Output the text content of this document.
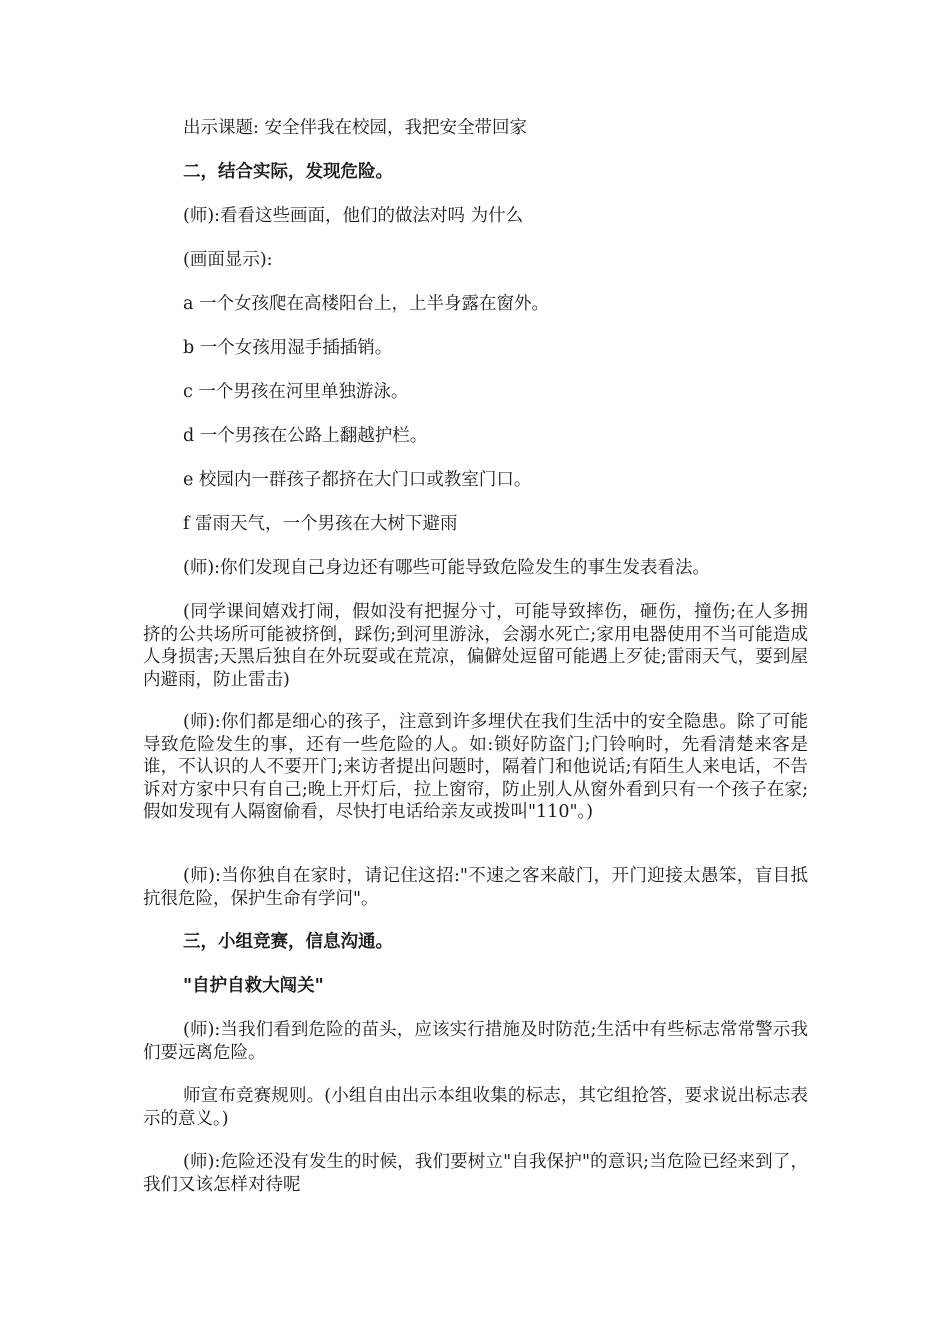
出示课题: 安全伴我在校园，我把安全带回家
二，结合实际，发现危险。
(师):看看这些画面，他们的做法对吗 为什么
(画面显示):
a 一个女孩爬在高楼阳台上，上半身露在窗外。
b 一个女孩用湿手插插销。
c 一个男孩在河里单独游泳。
d 一个男孩在公路上翻越护栏。
e 校园内一群孩子都挤在大门口或教室门口。
f 雷雨天气，一个男孩在大树下避雨
(师):你们发现自己身边还有哪些可能导致危险发生的事生发表看法。
(同学课间嬉戏打闹，假如没有把握分寸，可能导致摔伤，砸伤，撞伤;在人多拥挤的公共场所可能被挤倒，踩伤;到河里游泳，会溺水死亡;家用电器使用不当可能造成人身损害;天黑后独自在外玩耍或在荒凉，偏僻处逗留可能遇上歹徒;雷雨天气，要到屋内避雨，防止雷击)
(师):你们都是细心的孩子，注意到许多埋伏在我们生活中的安全隐患。除了可能导致危险发生的事，还有一些危险的人。如:锁好防盗门;门铃响时，先看清楚来客是谁，不认识的人不要开门;来访者提出问题时，隔着门和他说话;有陌生人来电话，不告诉对方家中只有自己;晚上开灯后，拉上窗帘，防止别人从窗外看到只有一个孩子在家;假如发现有人隔窗偷看，尽快打电话给亲友或拨叫"110"。)
(师):当你独自在家时，请记住这招:"不速之客来敲门，开门迎接太愚笨，盲目抵抗很危险，保护生命有学问"。
三，小组竞赛，信息沟通。
"自护自救大闯关"
(师):当我们看到危险的苗头，应该实行措施及时防范;生活中有些标志常常警示我们要远离危险。
师宣布竞赛规则。(小组自由出示本组收集的标志，其它组抢答，要求说出标志表示的意义。)
(师):危险还没有发生的时候，我们要树立"自我保护"的意识;当危险已经来到了，我们又该怎样对待呢
